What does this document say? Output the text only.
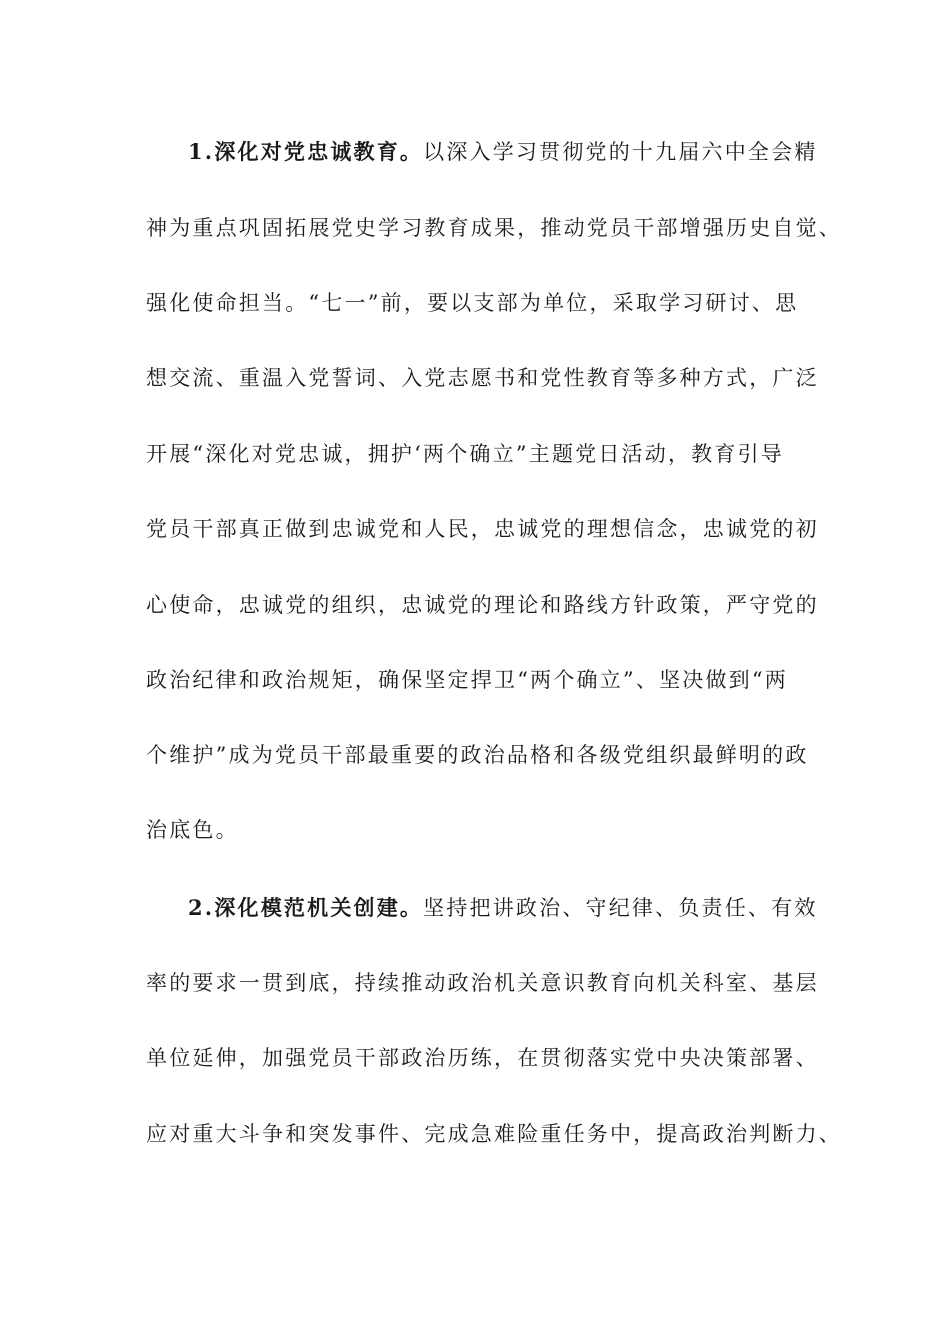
1.深化对党忠诚教育。以深入学习贯彻党的十九届六中全会精
神为重点巩固拓展党史学习教育成果，推动党员干部增强历史自觉、
强化使命担当。“七一”前，要以支部为单位，采取学习研讨、思
想交流、重温入党誓词、入党志愿书和党性教育等多种方式，广泛
开展“深化对党忠诚，拥护‘两个确立”主题党日活动，教育引导
党员干部真正做到忠诚党和人民，忠诚党的理想信念，忠诚党的初
心使命，忠诚党的组织，忠诚党的理论和路线方针政策，严守党的
政治纪律和政治规矩，确保坚定捍卫“两个确立”、坚决做到“两
个维护”成为党员干部最重要的政治品格和各级党组织最鲜明的政
治底色。
2.深化模范机关创建。坚持把讲政治、守纪律、负责任、有效
率的要求一贯到底，持续推动政治机关意识教育向机关科室、基层
单位延伸，加强党员干部政治历练，在贯彻落实党中央决策部署、
应对重大斗争和突发事件、完成急难险重任务中，提高政治判断力、
